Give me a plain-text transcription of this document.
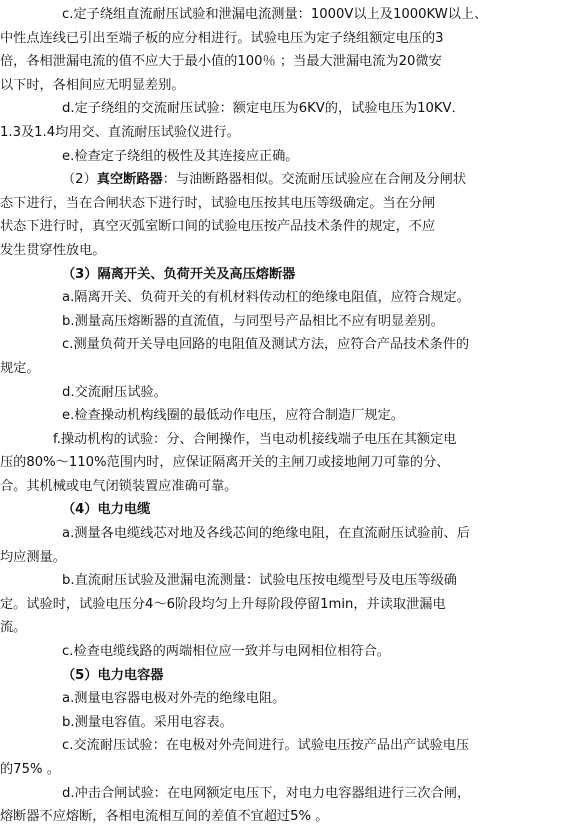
c.定子绕组直流耐压试验和泄漏电流测量：1000V以上及1000KW以上、
中性点连线已引出至端子板的应分相进行。试验电压为定子绕组额定电压的3
倍，各相泄漏电流的值不应大于最小值的100％ ；当最大泄漏电流为20微安
以下时，各相间应无明显差别。
d.定子绕组的交流耐压试验：额定电压为6KV的，试验电压为10KV．
1.3及1.4均用交、直流耐压试验仪进行。
e.检查定子绕组的极性及其连接应正确。
（2）真空断路器：与油断路器相似。交流耐压试验应在合闸及分闸状
态下进行，当在合闸状态下进行时，试验电压按其电压等级确定。当在分闸
状态下进行时，真空灭弧室断口间的试验电压按产品技术条件的规定，不应
发生贯穿性放电。
（3）隔离开关、负荷开关及高压熔断器
a.隔离开关、负荷开关的有机材料传动杠的绝缘电阻值，应符合规定。
b.测量高压熔断器的直流值，与同型号产品相比不应有明显差别。
c.测量负荷开关导电回路的电阻值及测试方法，应符合产品技术条件的
规定。
d.交流耐压试验。
e.检查操动机构线圈的最低动作电压，应符合制造厂规定。
f.操动机构的试验：分、合闸操作，当电动机接线端子电压在其额定电
压的80%～110%范围内时，应保证隔离开关的主闸刀或接地闸刀可靠的分、
合。其机械或电气闭锁装置应准确可靠。
（4）电力电缆
a.测量各电缆线芯对地及各线芯间的绝缘电阻，在直流耐压试验前、后
均应测量。
b.直流耐压试验及泄漏电流测量：试验电压按电缆型号及电压等级确
定。试验时，试验电压分4～6阶段均匀上升每阶段停留1min，并读取泄漏电
流。
c.检查电缆线路的两端相位应一致并与电网相位相符合。
（5）电力电容器
a.测量电容器电极对外壳的绝缘电阻。
b.测量电容值。采用电容表。
c.交流耐压试验：在电极对外壳间进行。试验电压按产品出产试验电压
的75% 。
d.冲击合闸试验：在电网额定电压下，对电力电容器组进行三次合闸，
熔断器不应熔断，各相电流相互间的差值不宜超过5% 。
